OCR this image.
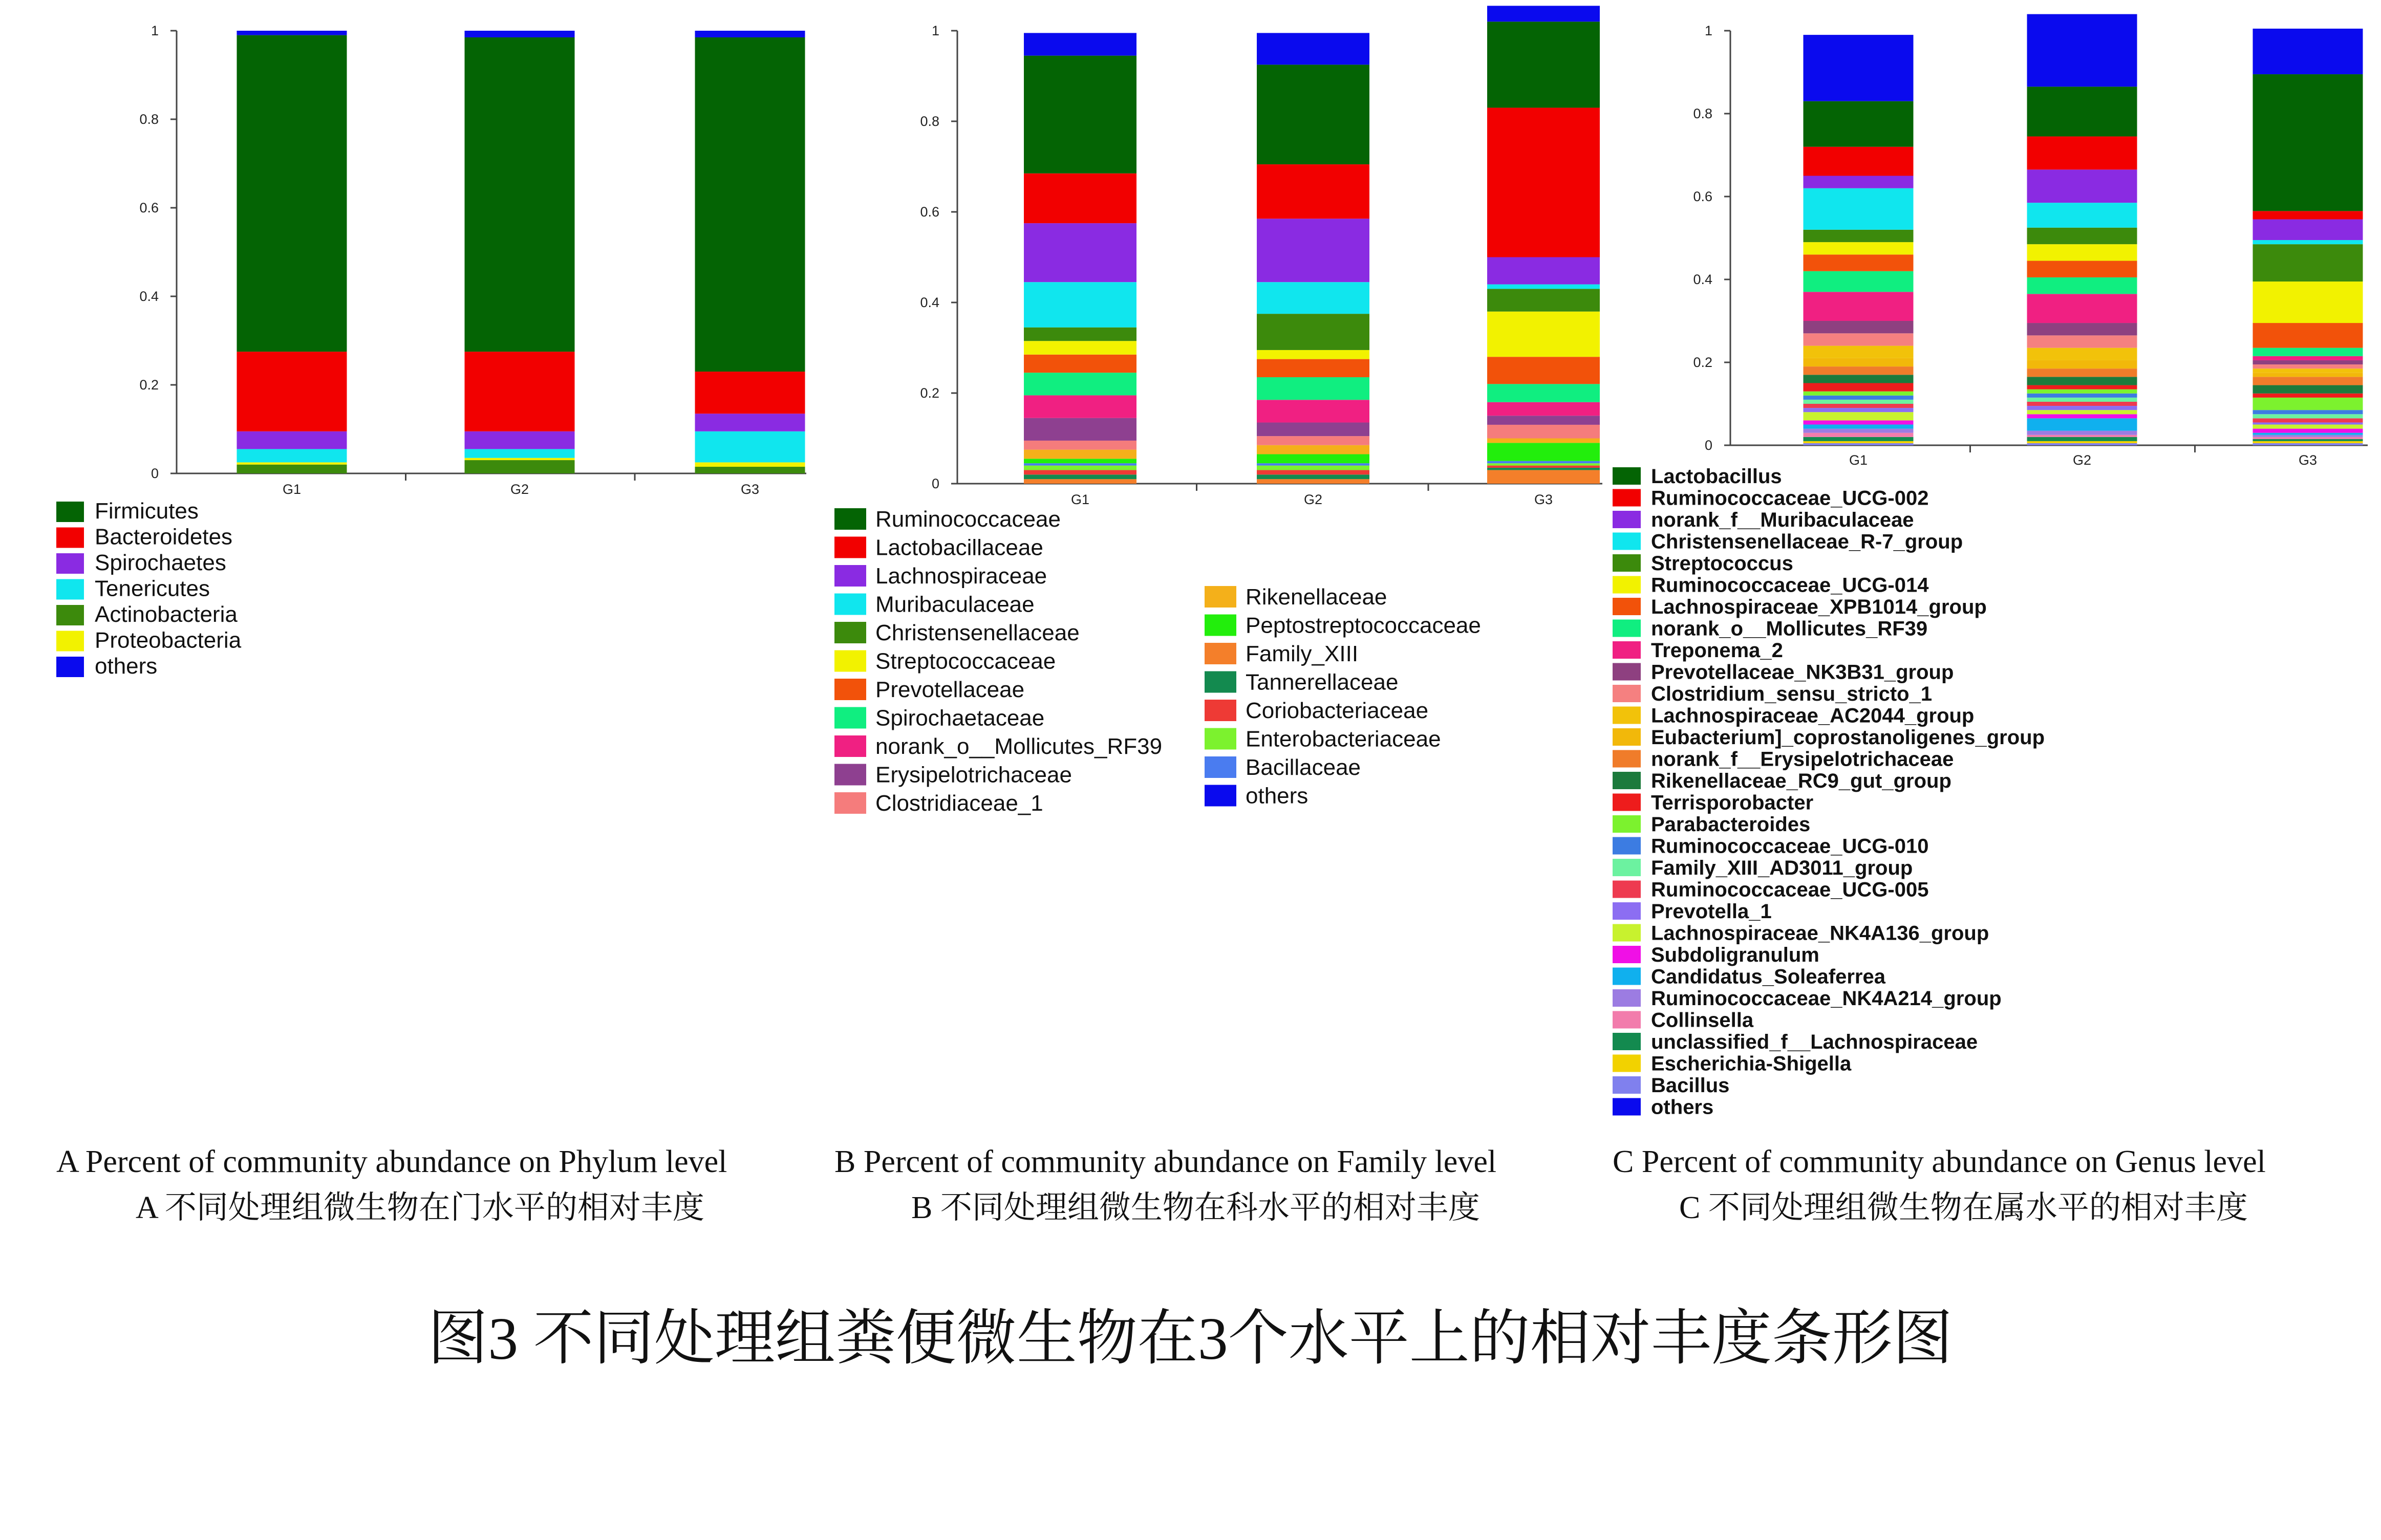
0
0.2
0.4
0.6
0.8
1
G1	G2	G3
Firmicutes
Bacteroidetes
Spirochaetes
Tenericutes
Actinobacteria
Proteobacteria
others
0
0.2
0.4
0.6
0.8
1
G1	G2	G3
Ruminococcaceae
Lactobacillaceae
Lachnospiraceae
Muribaculaceae
Christensenellaceae
Streptococcaceae
Prevotellaceae
Spirochaetaceae
norank_o__Mollicutes_RF39
Erysipelotrichaceae
Clostridiaceae_1
Rikenellaceae
Peptostreptococcaceae
Family_XIII
Tannerellaceae
Coriobacteriaceae
Enterobacteriaceae
Bacillaceae
others
0
0.2
0.4
0.6
0.8
1
G1	G2	G3
Lactobacillus
Ruminococcaceae_UCG-002
norank_f__Muribaculaceae
Christensenellaceae_R-7_group
Streptococcus
Ruminococcaceae_UCG-014
Lachnospiraceae_XPB1014_group
norank_o__Mollicutes_RF39
Treponema_2
Prevotellaceae_NK3B31_group
Clostridium_sensu_stricto_1
Lachnospiraceae_AC2044_group
Eubacterium]_coprostanoligenes_group
norank_f__Erysipelotrichaceae
Rikenellaceae_RC9_gut_group
Terrisporobacter
Parabacteroides
Ruminococcaceae_UCG-010
Family_XIII_AD3011_group
Ruminococcaceae_UCG-005
Prevotella_1
Lachnospiraceae_NK4A136_group
Subdoligranulum
Candidatus_Soleaferrea
Ruminococcaceae_NK4A214_group
Collinsella
unclassified_f__Lachnospiraceae
Escherichia-Shigella
Bacillus
others
A Percent of community abundance on Phylum level
A 不同处理组微生物在门水平的相对丰度
B Percent of community abundance on Family level
B 不同处理组微生物在科水平的相对丰度
C Percent of community abundance on Genus level
C 不同处理组微生物在属水平的相对丰度
图3 不同处理组粪便微生物在3个水平上的相对丰度条形图
